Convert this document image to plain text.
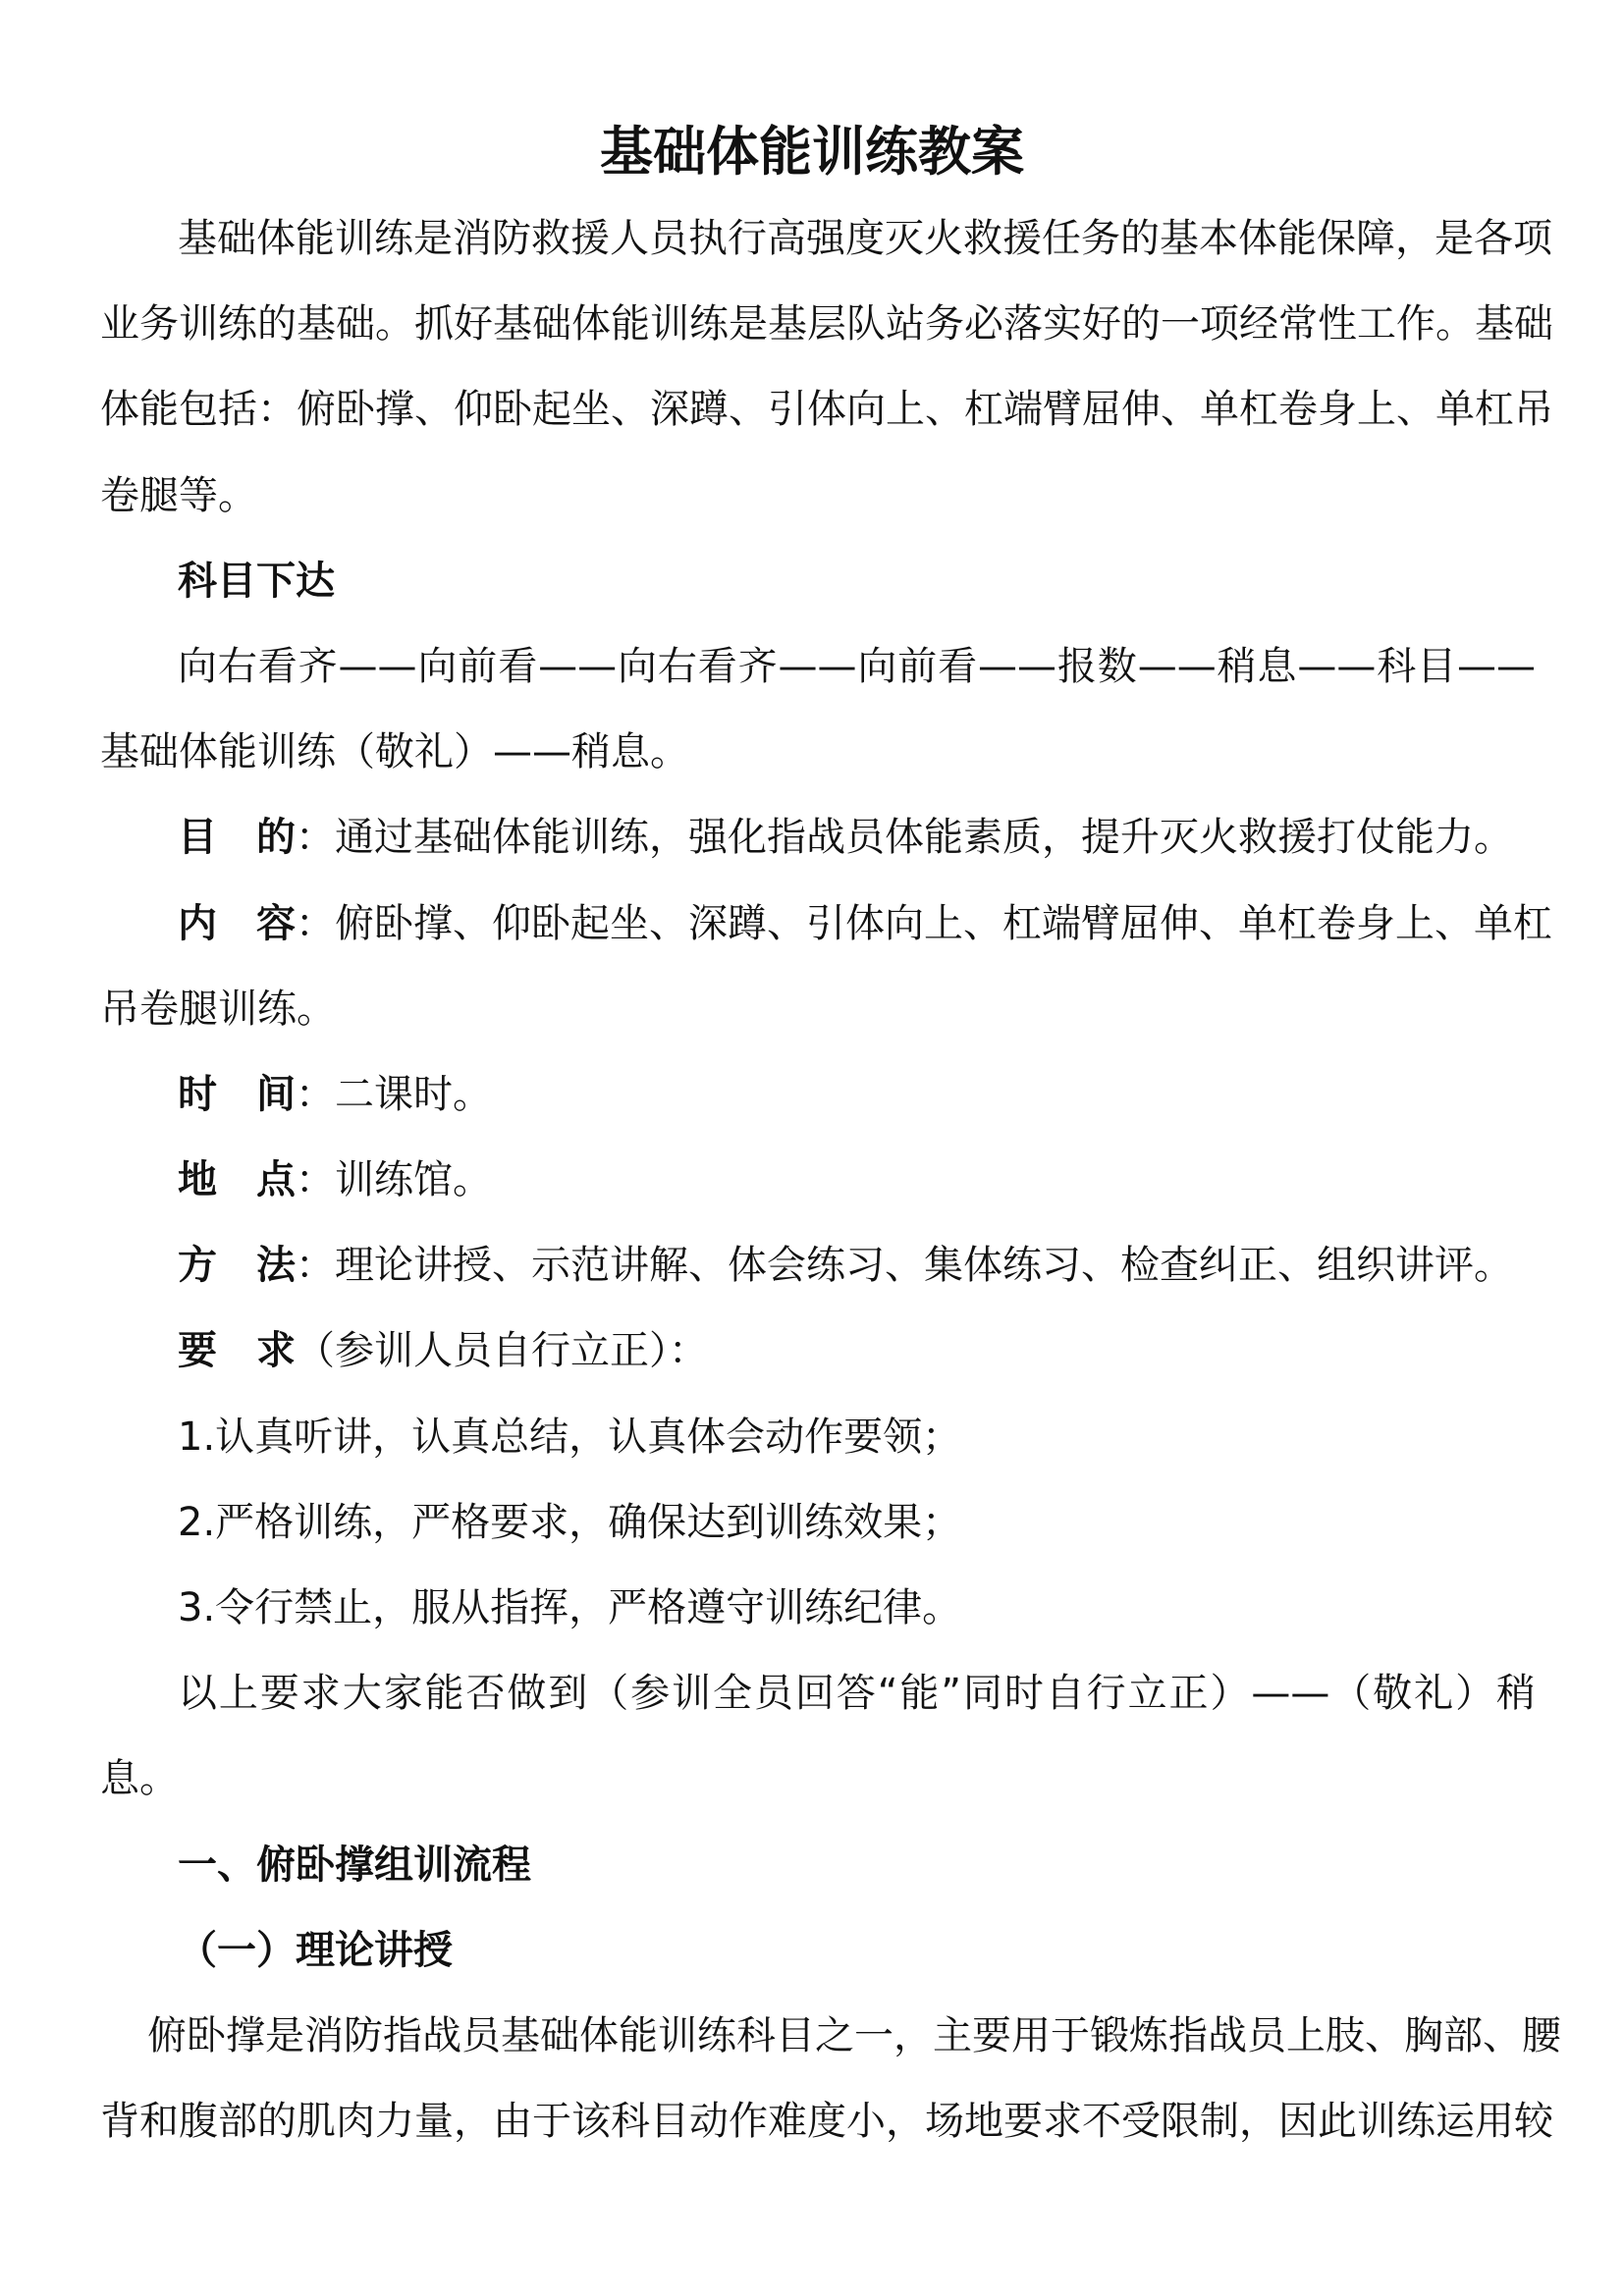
基础体能训练教案
基础体能训练是消防救援人员执行高强度灭火救援任务的基本体能保障，是各项
业务训练的基础。抓好基础体能训练是基层队站务必落实好的一项经常性工作。基础
体能包括：俯卧撑、仰卧起坐、深蹲、引体向上、杠端臂屈伸、单杠卷身上、单杠吊
卷腿等。
科目下达
向右看齐——向前看——向右看齐——向前看——报数——稍息——科目——
基础体能训练（敬礼）——稍息。
目　的：通过基础体能训练，强化指战员体能素质，提升灭火救援打仗能力。
内　容：俯卧撑、仰卧起坐、深蹲、引体向上、杠端臂屈伸、单杠卷身上、单杠
吊卷腿训练。
时　间：二课时。
地　点：训练馆。
方　法：理论讲授、示范讲解、体会练习、集体练习、检查纠正、组织讲评。
要　求（参训人员自行立正）：
1.认真听讲，认真总结，认真体会动作要领；
2.严格训练，严格要求，确保达到训练效果；
3.令行禁止，服从指挥，严格遵守训练纪律。
以上要求大家能否做到（参训全员回答“能”同时自行立正）——（敬礼）稍
息。
一、俯卧撑组训流程
（一）理论讲授
俯卧撑是消防指战员基础体能训练科目之一，主要用于锻炼指战员上肢、胸部、腰
背和腹部的肌肉力量，由于该科目动作难度小，场地要求不受限制，因此训练运用较
